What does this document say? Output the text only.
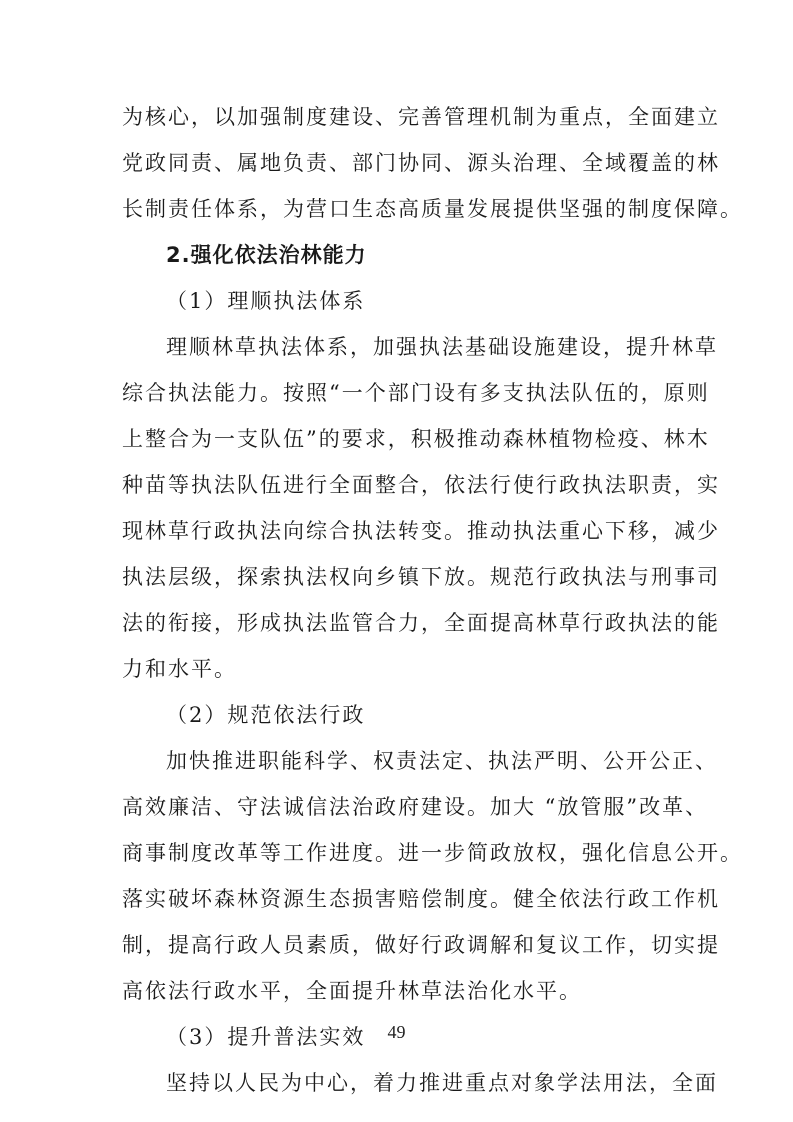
为核心，以加强制度建设、完善管理机制为重点，全面建立
党政同责、属地负责、部门协同、源头治理、全域覆盖的林
长制责任体系，为营口生态高质量发展提供坚强的制度保障。
2.强化依法治林能力
（1）理顺执法体系
理顺林草执法体系，加强执法基础设施建设，提升林草
综合执法能力。按照“一个部门设有多支执法队伍的，原则
上整合为一支队伍”的要求，积极推动森林植物检疫、林木
种苗等执法队伍进行全面整合，依法行使行政执法职责，实
现林草行政执法向综合执法转变。推动执法重心下移，减少
执法层级，探索执法权向乡镇下放。规范行政执法与刑事司
法的衔接，形成执法监管合力，全面提高林草行政执法的能
力和水平。
（2）规范依法行政
加快推进职能科学、权责法定、执法严明、公开公正、
高效廉洁、守法诚信法治政府建设。加大 “放管服”改革、
商事制度改革等工作进度。进一步简政放权，强化信息公开。
落实破坏森林资源生态损害赔偿制度。健全依法行政工作机
制，提高行政人员素质，做好行政调解和复议工作，切实提
高依法行政水平，全面提升林草法治化水平。
（3）提升普法实效
坚持以人民为中心，着力推进重点对象学法用法，全面
49
